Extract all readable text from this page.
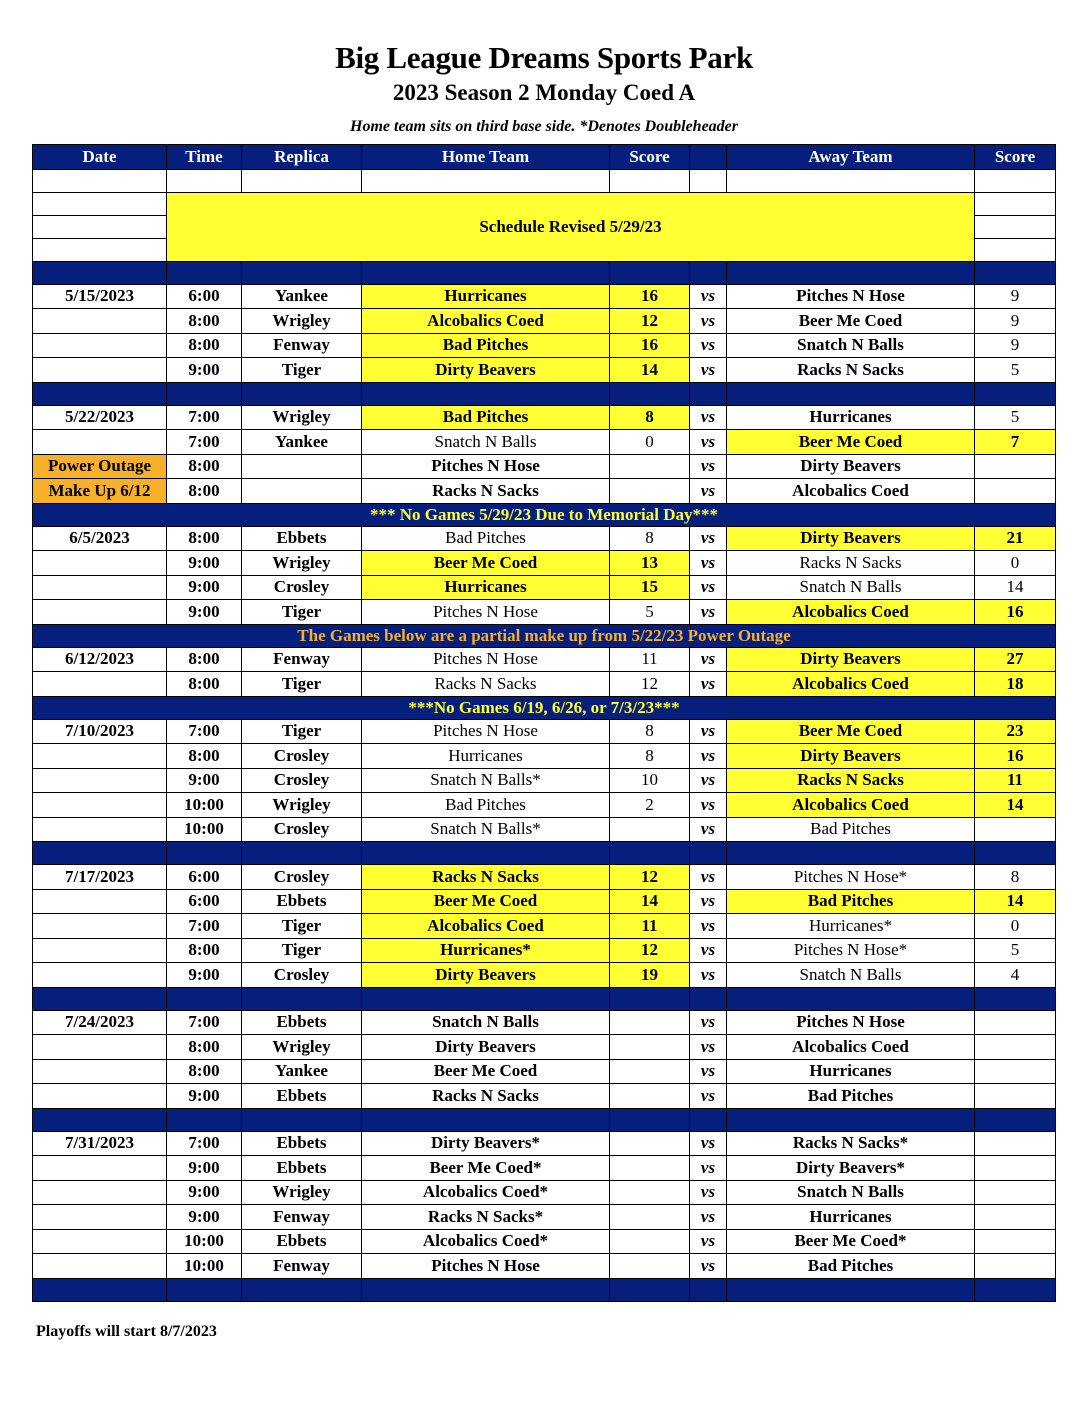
Big League Dreams Sports Park
2023 Season 2 Monday Coed A
Home team sits on third base side. *Denotes Doubleheader
Date	Time	Replica	Home Team	Score		Away Team	Score

	Schedule Revised 5/29/23						

5/15/2023	6:00	Yankee	Hurricanes	16	vs	Pitches N Hose	9
	8:00	Wrigley	Alcobalics Coed	12	vs	Beer Me Coed	9
	8:00	Fenway	Bad Pitches	16	vs	Snatch N Balls	9
	9:00	Tiger	Dirty Beavers	14	vs	Racks N Sacks	5

5/22/2023	7:00	Wrigley	Bad Pitches	8	vs	Hurricanes	5
	7:00	Yankee	Snatch N Balls	0	vs	Beer Me Coed	7
Power Outage	8:00		Pitches N Hose		vs	Dirty Beavers	
Make Up 6/12	8:00		Racks N Sacks		vs	Alcobalics Coed	
*** No Games 5/29/23 Due to Memorial Day***							
6/5/2023	8:00	Ebbets	Bad Pitches	8	vs	Dirty Beavers	21
	9:00	Wrigley	Beer Me Coed	13	vs	Racks N Sacks	0
	9:00	Crosley	Hurricanes	15	vs	Snatch N Balls	14
	9:00	Tiger	Pitches N Hose	5	vs	Alcobalics Coed	16
The Games below are a partial make up from 5/22/23 Power Outage							
6/12/2023	8:00	Fenway	Pitches N Hose	11	vs	Dirty Beavers	27
	8:00	Tiger	Racks N Sacks	12	vs	Alcobalics Coed	18
***No Games 6/19, 6/26, or 7/3/23***							
7/10/2023	7:00	Tiger	Pitches N Hose	8	vs	Beer Me Coed	23
	8:00	Crosley	Hurricanes	8	vs	Dirty Beavers	16
	9:00	Crosley	Snatch N Balls*	10	vs	Racks N Sacks	11
	10:00	Wrigley	Bad Pitches	2	vs	Alcobalics Coed	14
	10:00	Crosley	Snatch N Balls*		vs	Bad Pitches	

7/17/2023	6:00	Crosley	Racks N Sacks	12	vs	Pitches N Hose*	8
	6:00	Ebbets	Beer Me Coed	14	vs	Bad Pitches	14
	7:00	Tiger	Alcobalics Coed	11	vs	Hurricanes*	0
	8:00	Tiger	Hurricanes*	12	vs	Pitches N Hose*	5
	9:00	Crosley	Dirty Beavers	19	vs	Snatch N Balls	4

7/24/2023	7:00	Ebbets	Snatch N Balls		vs	Pitches N Hose	
	8:00	Wrigley	Dirty Beavers		vs	Alcobalics Coed	
	8:00	Yankee	Beer Me Coed		vs	Hurricanes	
	9:00	Ebbets	Racks N Sacks		vs	Bad Pitches	

7/31/2023	7:00	Ebbets	Dirty Beavers*		vs	Racks N Sacks*	
	9:00	Ebbets	Beer Me Coed*		vs	Dirty Beavers*	
	9:00	Wrigley	Alcobalics Coed*		vs	Snatch N Balls	
	9:00	Fenway	Racks N Sacks*		vs	Hurricanes	
	10:00	Ebbets	Alcobalics Coed*		vs	Beer Me Coed*	
	10:00	Fenway	Pitches N Hose		vs	Bad Pitches	

Playoffs will start 8/7/2023
